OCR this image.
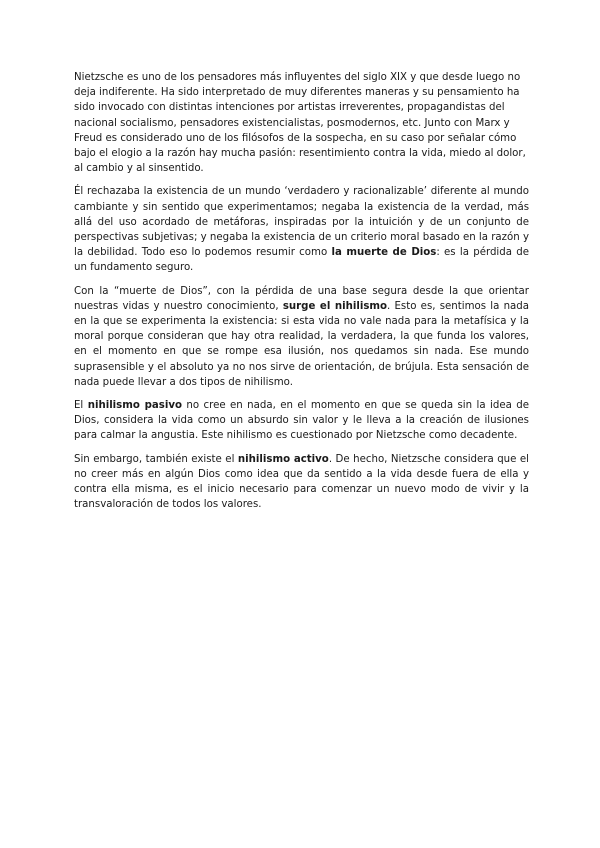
Nietzsche es uno de los pensadores más influyentes del siglo XIX y que desde luego no deja indiferente. Ha sido interpretado de muy diferentes maneras y su pensamiento ha sido invocado con distintas intenciones por artistas irreverentes, propagandistas del nacional socialismo, pensadores existencialistas, posmodernos, etc. Junto con Marx y Freud es considerado uno de los filósofos de la sospecha, en su caso por señalar cómo bajo el elogio a la razón hay mucha pasión: resentimiento contra la vida, miedo al dolor, al cambio y al sinsentido.

Él rechazaba la existencia de un mundo ‘verdadero y racionalizable’ diferente al mundo cambiante y sin sentido que experimentamos; negaba la existencia de la verdad, más allá del uso acordado de metáforas, inspiradas por la intuición y de un conjunto de perspectivas subjetivas; y negaba la existencia de un criterio moral basado en la razón y la debilidad. Todo eso lo podemos resumir como la muerte de Dios: es la pérdida de un fundamento seguro.

Con la “muerte de Dios”, con la pérdida de una base segura desde la que orientar nuestras vidas y nuestro conocimiento, surge el nihilismo. Esto es, sentimos la nada en la que se experimenta la existencia: si esta vida no vale nada para la metafísica y la moral porque consideran que hay otra realidad, la verdadera, la que funda los valores, en el momento en que se rompe esa ilusión, nos quedamos sin nada. Ese mundo suprasensible y el absoluto ya no nos sirve de orientación, de brújula. Esta sensación de nada puede llevar a dos tipos de nihilismo.

El nihilismo pasivo no cree en nada, en el momento en que se queda sin la idea de Dios, considera la vida como un absurdo sin valor y le lleva a la creación de ilusiones para calmar la angustia. Este nihilismo es cuestionado por Nietzsche como decadente.

Sin embargo, también existe el nihilismo activo. De hecho, Nietzsche considera que el no creer más en algún Dios como idea que da sentido a la vida desde fuera de ella y contra ella misma, es el inicio necesario para comenzar un nuevo modo de vivir y la transvaloración de todos los valores.
